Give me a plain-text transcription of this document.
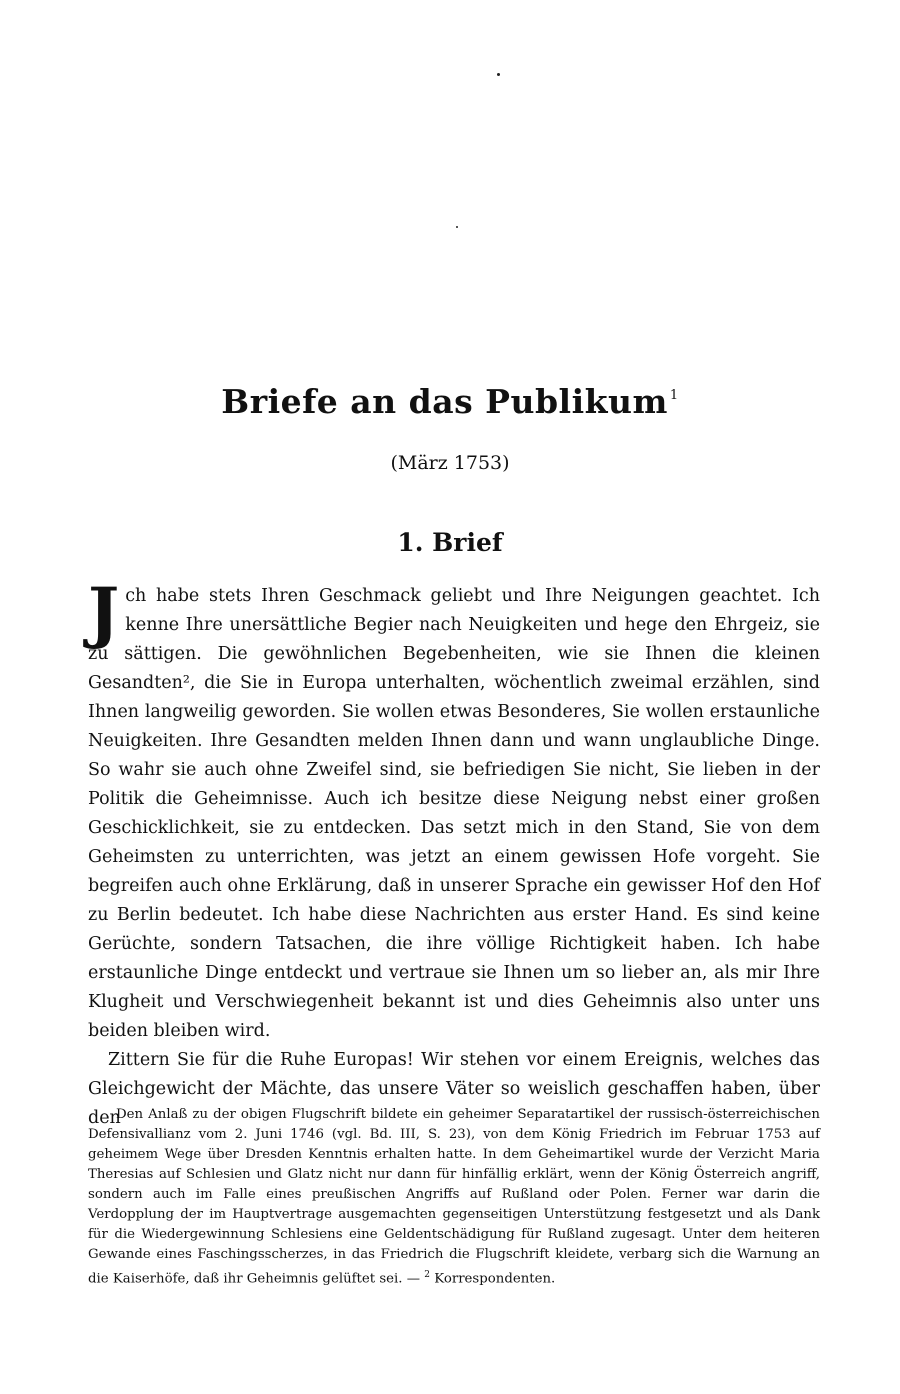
Briefe an das Publikum $^1$
(März 1753)
1. Brief

Jch habe stets Ihren Geschmack geliebt und Ihre Neigungen geachtet. Ich kenne Ihre unersättliche Begier nach Neuigkeiten und hege den Ehrgeiz, sie zu sättigen. Die gewöhnlichen Begebenheiten, wie sie Ihnen die kleinen Gesandten², die Sie in Europa unterhalten, wöchentlich zweimal erzählen, sind Ihnen langweilig geworden. Sie wollen etwas Besonderes, Sie wollen erstaunliche Neuigkeiten. Ihre Gesandten melden Ihnen dann und wann unglaubliche Dinge. So wahr sie auch ohne Zweifel sind, sie befriedigen Sie nicht, Sie lieben in der Politik die Geheimnisse. Auch ich besitze diese Neigung nebst einer großen Geschicklichkeit, sie zu entdecken. Das setzt mich in den Stand, Sie von dem Geheimsten zu unterrichten, was jetzt an einem gewissen Hofe vorgeht. Sie begreifen auch ohne Erklärung, daß in unserer Sprache ein gewisser Hof den Hof zu Berlin bedeutet. Ich habe diese Nachrichten aus erster Hand. Es sind keine Gerüchte, sondern Tatsachen, die ihre völlige Richtigkeit haben. Ich habe erstaunliche Dinge entdeckt und vertraue sie Ihnen um so lieber an, als mir Ihre Klugheit und Verschwiegenheit bekannt ist und dies Geheimnis also unter uns beiden bleiben wird.

Zittern Sie für die Ruhe Europas! Wir stehen vor einem Ereignis, welches das Gleichgewicht der Mächte, das unsere Väter so weislich geschaffen haben, über den

Den Anlaß zu der obigen Flugschrift bildete ein geheimer Separatartikel der russisch-österreichischen Defensivallianz vom 2. Juni 1746 (vgl. Bd. III, S. 23), von dem König Friedrich im Februar 1753 auf geheimem Wege über Dresden Kenntnis erhalten hatte. In dem Geheimartikel wurde der Verzicht Maria Theresias auf Schlesien und Glatz nicht nur dann für hinfällig erklärt, wenn der König Österreich angriff, sondern auch im Falle eines preußischen Angriffs auf Rußland oder Polen. Ferner war darin die Verdopplung der im Hauptvertrage ausgemachten gegenseitigen Unterstützung festgesetzt und als Dank für die Wiedergewinnung Schlesiens eine Geldentschädigung für Rußland zugesagt. Unter dem heiteren Gewande eines Faschingsscherzes, in das Friedrich die Flugschrift kleidete, verbarg sich die Warnung an die Kaiserhöfe, daß ihr Geheimnis gelüftet sei. — $^2$ Korrespondenten.
